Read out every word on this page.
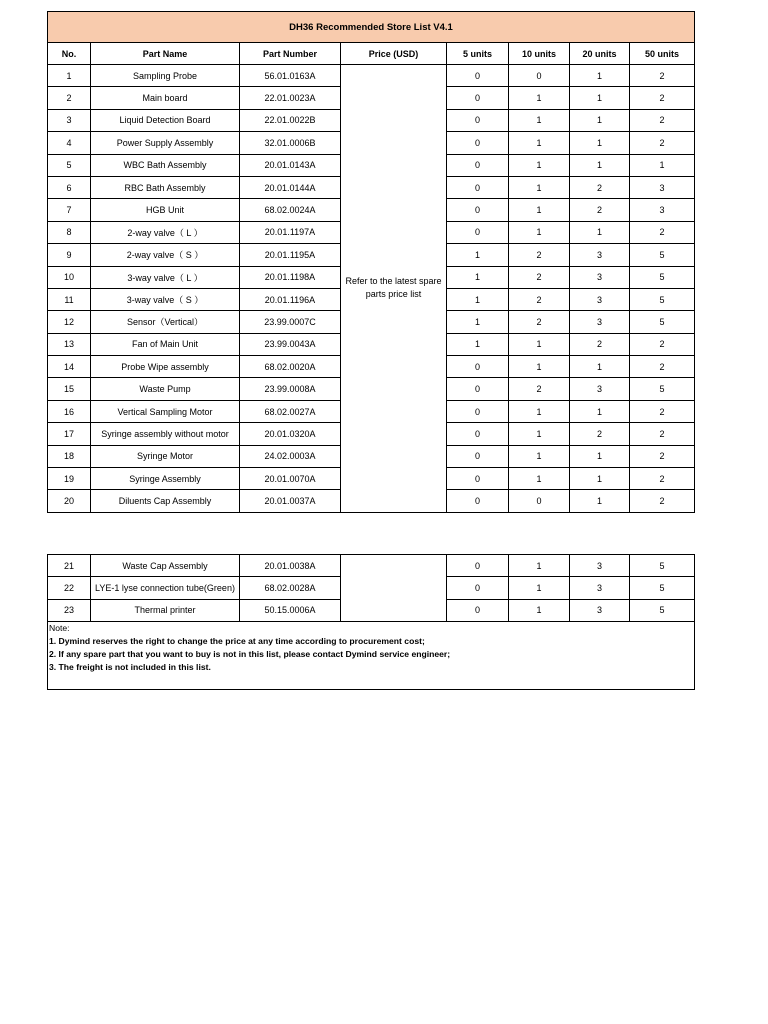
DH36 Recommended Store List V4.1							
No.	Part Name	Part Number	Price (USD)	5 units	10 units	20 units	50 units
1	Sampling Probe	56.01.0163A	Refer to the latest spare parts price list	0	0	1	2
2	Main board	22.01.0023A		0	1	1	2
3	Liquid Detection Board	22.01.0022B		0	1	1	2
4	Power Supply Assembly	32.01.0006B		0	1	1	2
5	WBC Bath Assembly	20.01.0143A		0	1	1	1
6	RBC Bath Assembly	20.01.0144A		0	1	2	3
7	HGB Unit	68.02.0024A		0	1	2	3
8	2-way valve（ L ）	20.01.1197A		0	1	1	2
9	2-way valve（ S ）	20.01.1195A		1	2	3	5
10	3-way valve（ L ）	20.01.1198A		1	2	3	5
11	3-way valve（ S ）	20.01.1196A		1	2	3	5
12	Sensor（Vertical）	23.99.0007C		1	2	3	5
13	Fan of Main Unit	23.99.0043A		1	1	2	2
14	Probe Wipe assembly	68.02.0020A		0	1	1	2
15	Waste Pump	23.99.0008A		0	2	3	5
16	Vertical Sampling Motor	68.02.0027A		0	1	1	2
17	Syringe assembly without motor	20.01.0320A		0	1	2	2
18	Syringe Motor	24.02.0003A		0	1	1	2
19	Syringe Assembly	20.01.0070A		0	1	1	2
20	Diluents Cap Assembly	20.01.0037A		0	0	1	2
21	Waste Cap Assembly	20.01.0038A		0	1	3	5
22	LYE-1 lyse connection tube(Green)	68.02.0028A		0	1	3	5
23	Thermal printer	50.15.0006A		0	1	3	5

Note:
1. Dymind reserves the right to change the price at any time according to procurement cost;
2. If any spare part that you want to buy is not in this list, please contact Dymind service engineer;
3. The freight is not included in this list.							
